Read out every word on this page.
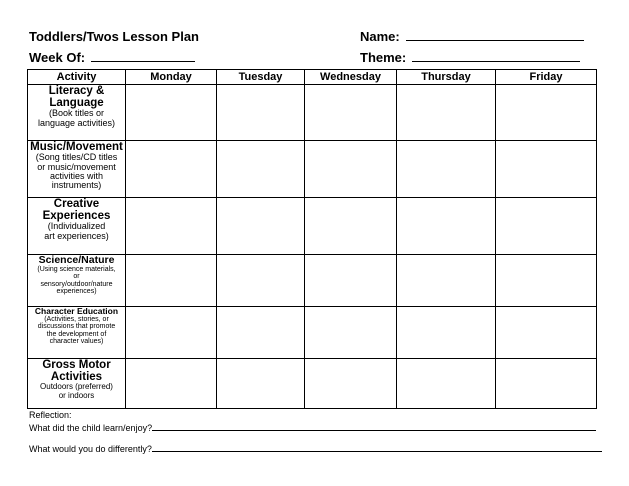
Toddlers/Twos Lesson Plan
Week Of:
Name:
Theme:
Activity	Monday	Tuesday	Wednesday	Thursday	Friday

Literacy &
Language
(Book titles or
language activities)					

Music/Movement
(Song titles/CD titles
or music/movement
activities with
instruments)					

Creative
Experiences
(Individualized
art experiences)					

Science/Nature
(Using science materials,
or
sensory/outdoor/nature
experiences)					

Character Education
(Activities, stories, or
discussions that promote
the development of
character values)					

Gross Motor
Activities
Outdoors (preferred)
or indoors					

Reflection:
What did the child learn/enjoy?
What would you do differently?
